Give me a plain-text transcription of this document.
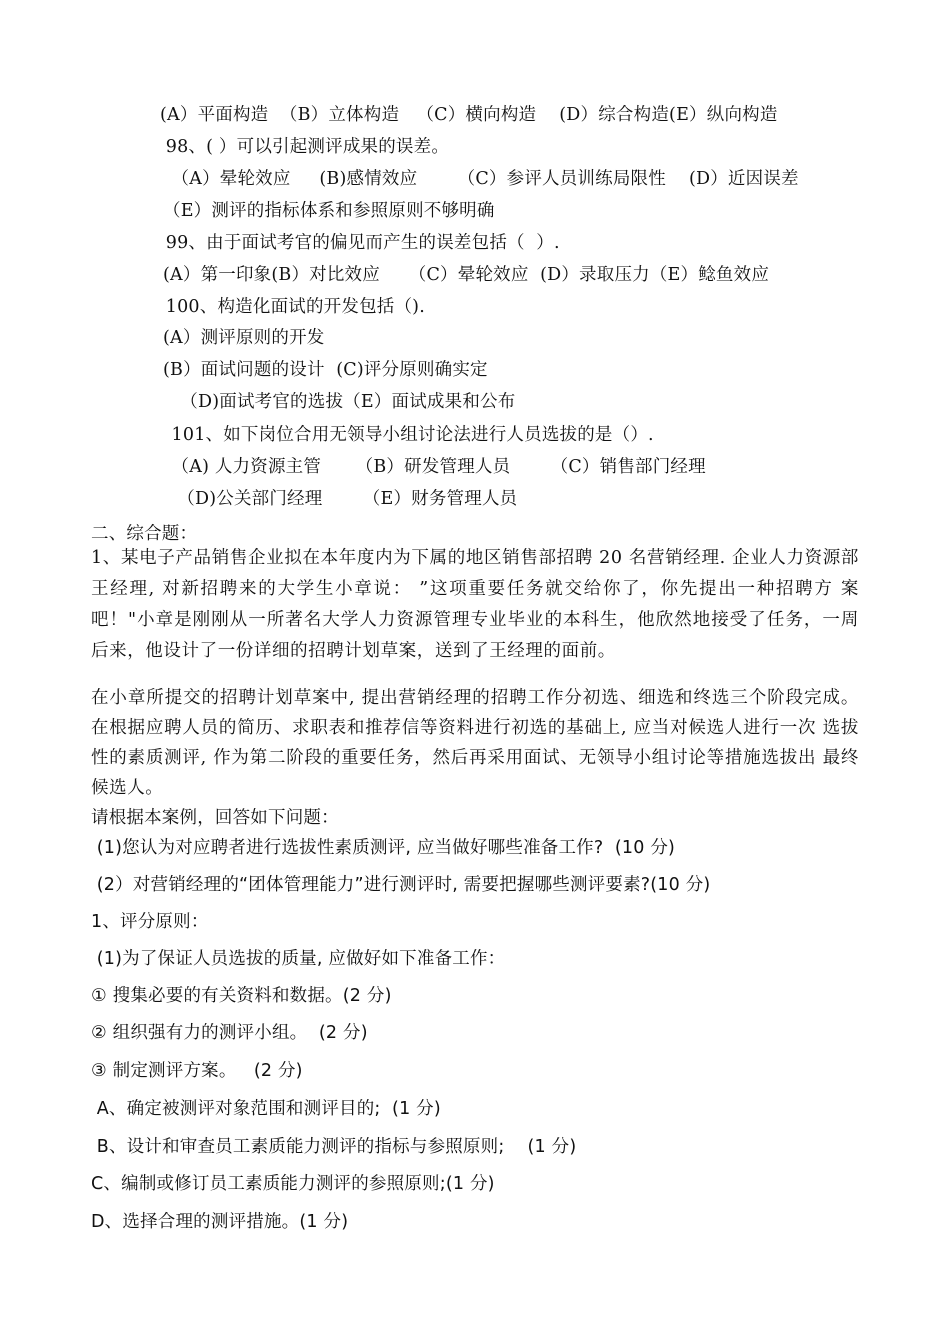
(A）平面构造  （B）立体构造   （C）横向构造    (D）综合构造(E）纵向构造
98、( ）可以引起测评成果的误差。
（A）晕轮效应     (B)感情效应       （C）参评人员训练局限性    (D）近因误差
（E）测评的指标体系和参照原则不够明确
99、由于面试考官的偏见而产生的误差包括（  ）.
(A）第一印象(B）对比效应     （C）晕轮效应  (D）录取压力（E）鲶鱼效应
100、构造化面试的开发包括（).
(A）测评原则的开发
(B）面试问题的设计  (C)评分原则确实定
（D)面试考官的选拔（E）面试成果和公布
101、如下岗位合用无领导小组讨论法进行人员选拔的是（）.
（A) 人力资源主管      （B）研发管理人员       （C）销售部门经理
（D)公关部门经理       （E）财务管理人员
二、综合题：
1、某电子产品销售企业拟在本年度内为下属的地区销售部招聘 20 名营销经理. 企业人力资源部王经理, 对新招聘来的大学生小章说： ”这项重要任务就交给你了，你先提出一种招聘方 案吧！"小章是刚刚从一所著名大学人力资源管理专业毕业的本科生，他欣然地接受了任务，一周 后来，他设计了一份详细的招聘计划草案，送到了王经理的面前。
在小章所提交的招聘计划草案中, 提出营销经理的招聘工作分初选、细选和终选三个阶段完成。在根据应聘人员的简历、求职表和推荐信等资料进行初选的基础上, 应当对候选人进行一次 选拔性的素质测评, 作为第二阶段的重要任务，然后再采用面试、无领导小组讨论等措施选拔出 最终候选人。
请根据本案例，回答如下问题：
(1)您认为对应聘者进行选拔性素质测评, 应当做好哪些准备工作?  (10 分)
(2）对营销经理的“团体管理能力”进行测评时, 需要把握哪些测评要素?(10 分)
1、评分原则：
(1)为了保证人员选拔的质量, 应做好如下准备工作：
① 搜集必要的有关资料和数据。(2 分)
② 组织强有力的测评小组。  (2 分)
③ 制定测评方案。   (2 分)
A、确定被测评对象范围和测评目的;  (1 分)
B、设计和审查员工素质能力测评的指标与参照原则;    (1 分)
C、编制或修订员工素质能力测评的参照原则;(1 分)
D、选择合理的测评措施。(1 分)
